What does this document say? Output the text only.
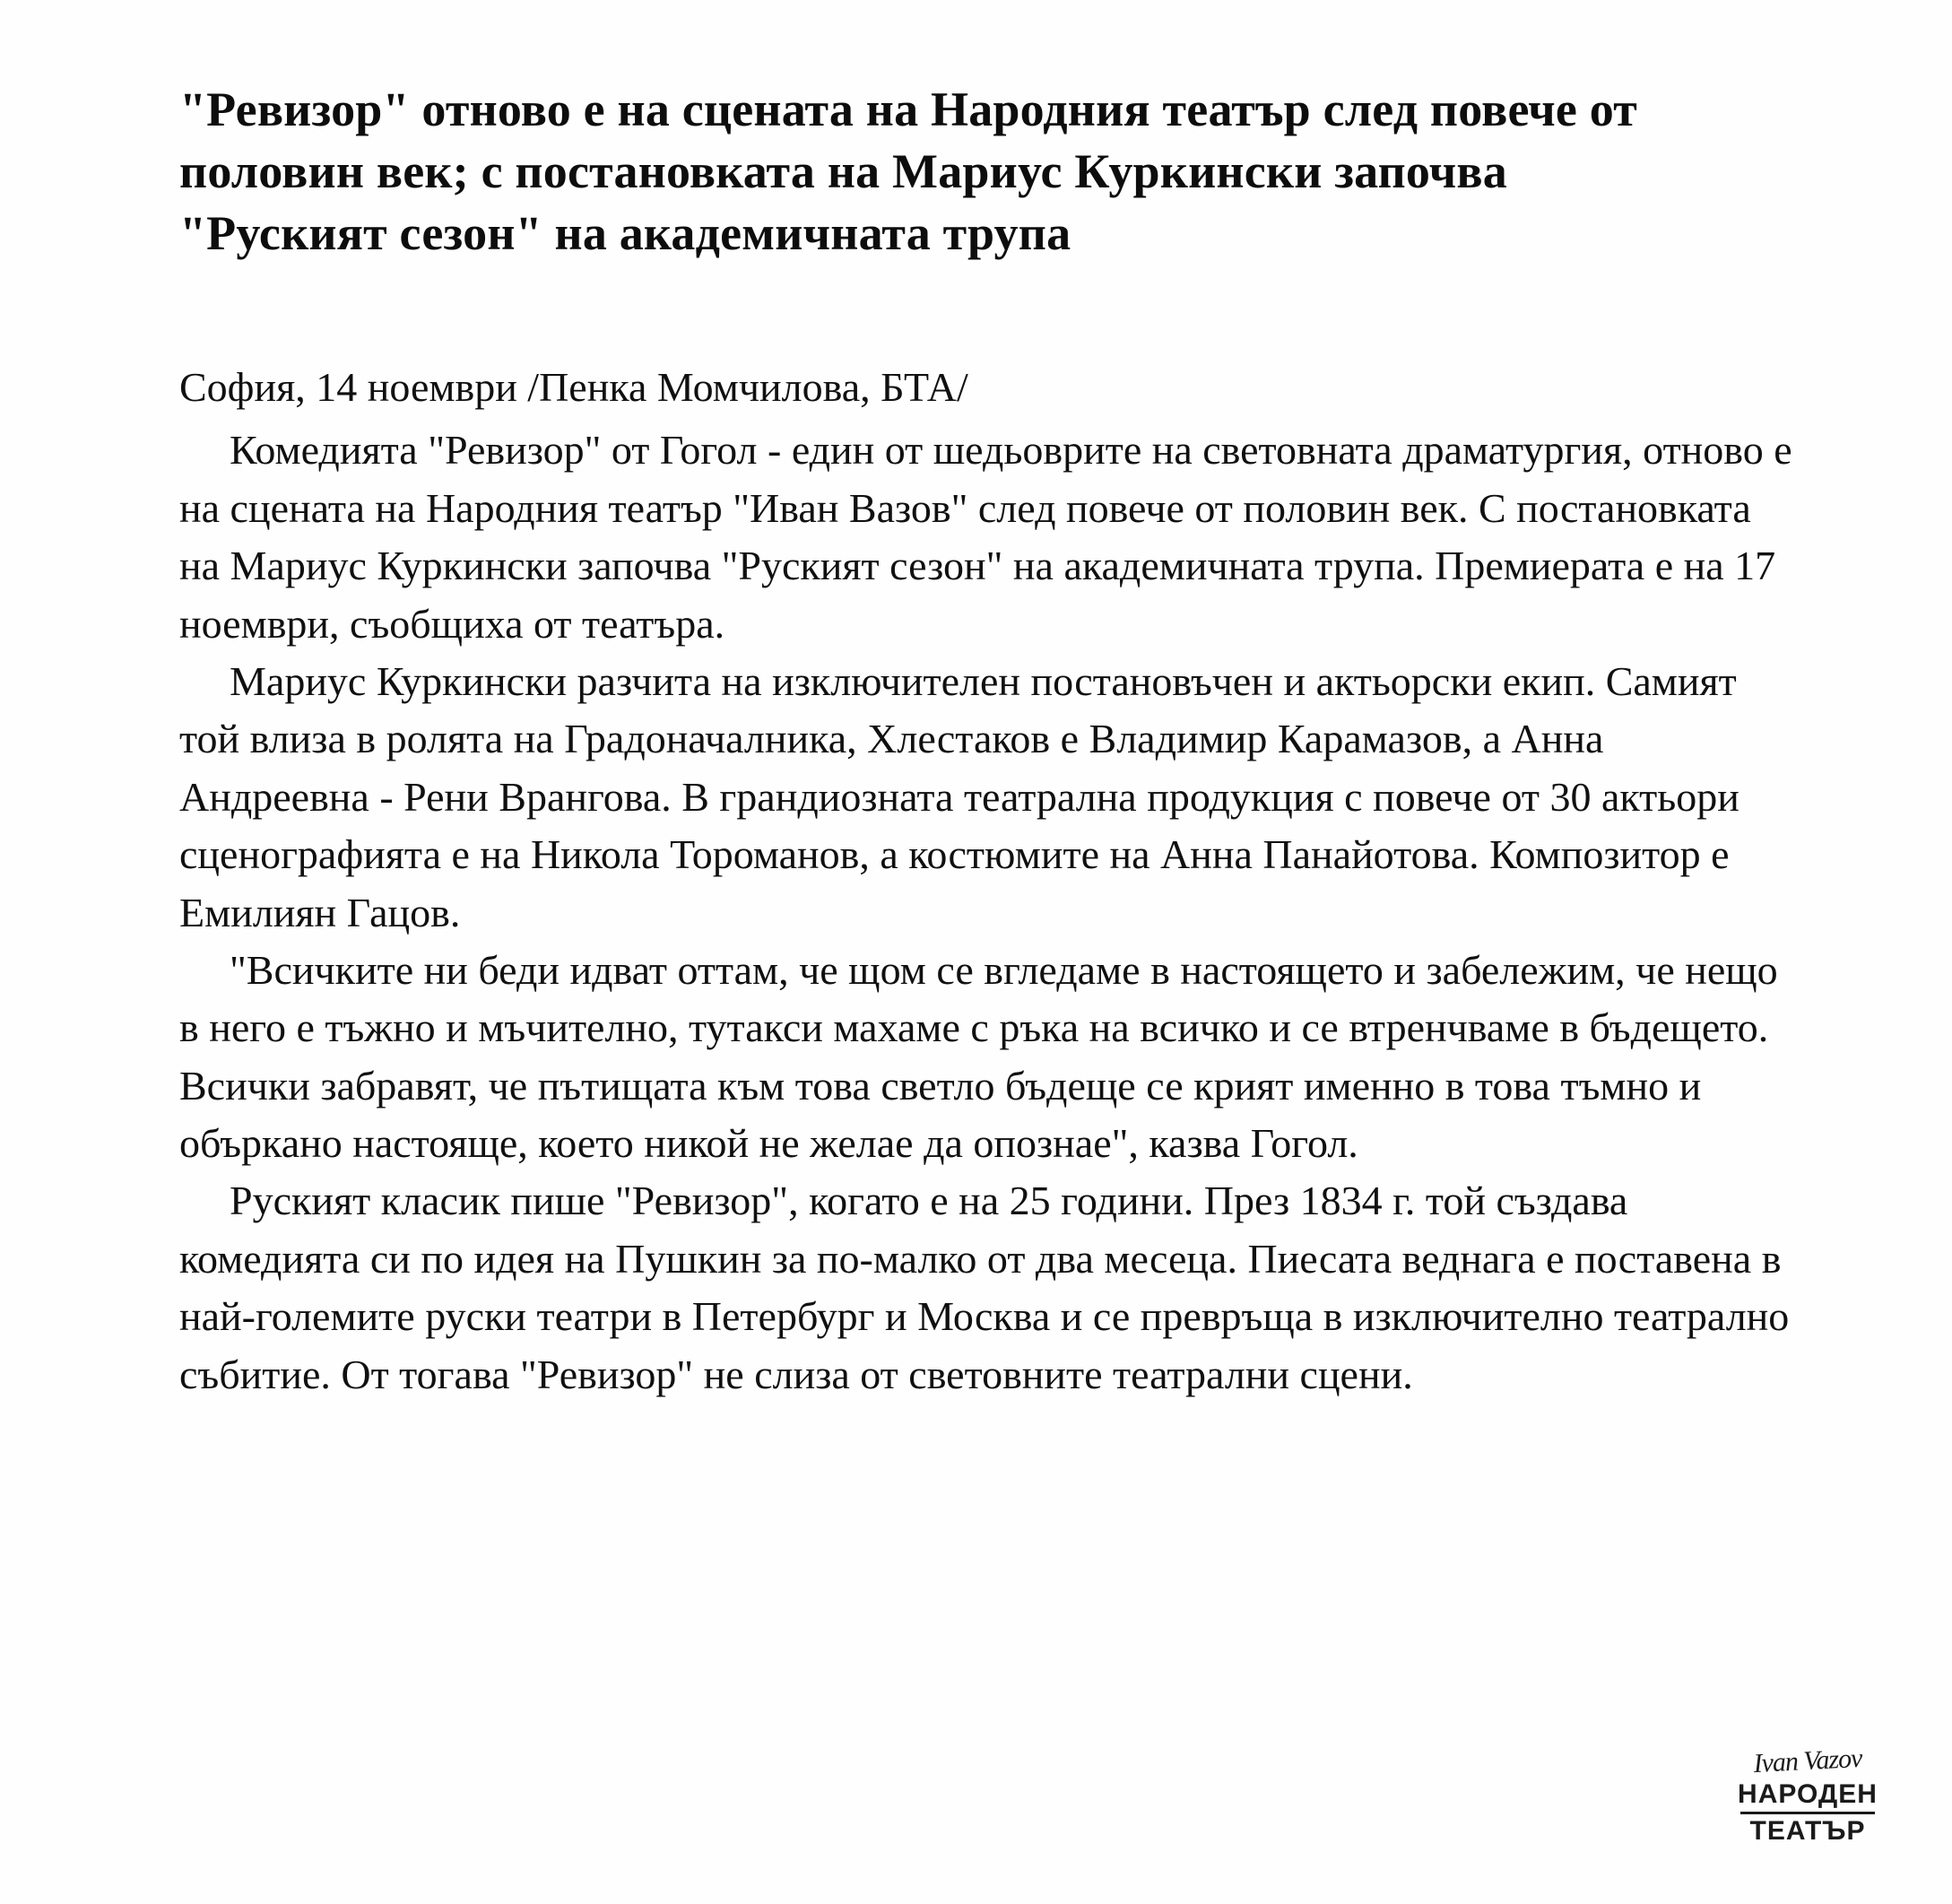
"Ревизор" отново е на сцената на Народния театър след повече от половин век; с постановката на Мариус Куркински започва "Руският сезон" на академичната трупа

София, 14 ноември /Пенка Момчилова, БТА/

Комедията "Ревизор" от Гогол - един от шедьоврите на световната драматургия, отново е на сцената на Народния театър "Иван Вазов" след повече от половин век. С постановката на Мариус Куркински започва "Руският сезон" на академичната трупа. Премиерата е на 17 ноември, съобщиха от театъра.

Мариус Куркински разчита на изключителен постановъчен и актьорски екип. Самият той влиза в ролята на Градоначалника, Хлестаков е Владимир Карамазов, а Анна Андреевна - Рени Врангова. В грандиозната театрална продукция с повече от 30 актьори сценографията е на Никола Тороманов, а костюмите на Анна Панайотова. Композитор е Емилиян Гацов.

"Всичките ни беди идват оттам, че щом се вгледаме в настоящето и забележим, че нещо в него е тъжно и мъчително, тутакси махаме с ръка на всичко и се втренчваме в бъдещето. Всички забравят, че пътищата към това светло бъдеще се крият именно в това тъмно и объркано настояще, което никой не желае да опознае", казва Гогол.

Руският класик пише "Ревизор", когато е на 25 години. През 1834 г. той създава комедията си по идея на Пушкин за по-малко от два месеца. Пиесата веднага е поставена в най-големите руски театри в Петербург и Москва и се превръща в изключително театрално събитие. От тогава "Ревизор" не слиза от световните театрални сцени.

Ivan Vazov
НАРОДЕН
ТЕАТЪР
